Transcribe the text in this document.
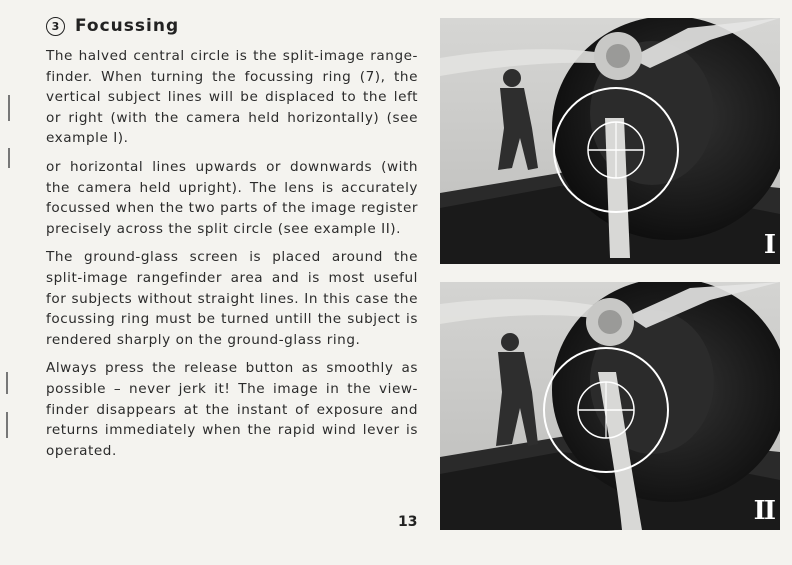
3 Focussing

The halved central circle is the split-image range-finder. When turning the focussing ring (7), the vertical subject lines will be displaced to the left or right (with the camera held horizontally) (see example I).

or horizontal lines upwards or downwards (with the camera held upright). The lens is accurately focussed when the two parts of the image register precisely across the split circle (see example II).

The ground-glass screen is placed around the split-image rangefinder area and is most useful for subjects without straight lines. In this case the focussing ring must be turned untill the subject is rendered sharply on the ground-glass ring.

Always press the release button as smoothly as possible – never jerk it! The image in the view-finder disappears at the instant of exposure and returns immediately when the rapid wind lever is operated.

13
I
II
